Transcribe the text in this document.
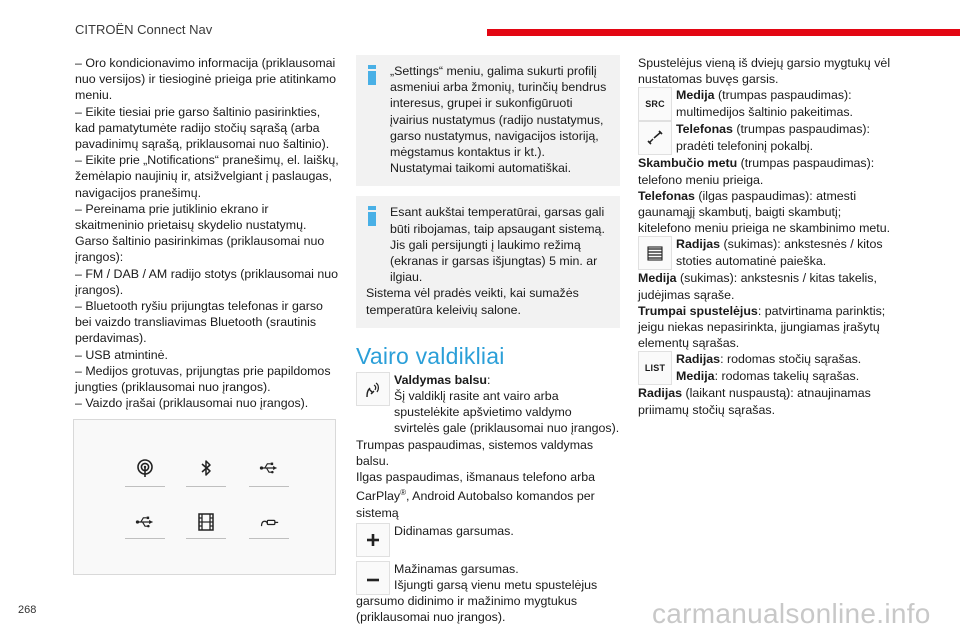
CITROËN Connect Nav
– Oro kondicionavimo informacija (priklausomai nuo versijos) ir tiesioginė prieiga prie atitinkamo meniu.
– Eikite tiesiai prie garso šaltinio pasirinkties, kad pamatytumėte radijo stočių sąrašą (arba pavadinimų sąrašą, priklausomai nuo šaltinio).
– Eikite prie „Notifications“ pranešimų, el. laiškų, žemėlapio naujinių ir, atsižvelgiant į paslaugas, navigacijos pranešimų.
– Pereinama prie jutiklinio ekrano ir skaitmeninio prietaisų skydelio nustatymų.
Garso šaltinio pasirinkimas (priklausomai nuo įrangos):
– FM / DAB / AM radijo stotys (priklausomai nuo įrangos).
– Bluetooth ryšiu prijungtas telefonas ir garso bei vaizdo transliavimas Bluetooth (srautinis perdavimas).
– USB atmintinė.
– Medijos grotuvas, prijungtas prie papildomos jungties (priklausomai nuo įrangos).
– Vaizdo įrašai (priklausomai nuo įrangos).
„Settings“ meniu, galima sukurti profilį asmeniui arba žmonių, turinčių bendrus interesus, grupei ir sukonfigūruoti įvairius nustatymus (radijo nustatymus, garso nustatymus, navigacijos istoriją, mėgstamus kontaktus ir kt.). Nustatymai taikomi automatiškai.
Esant aukštai temperatūrai, garsas gali būti ribojamas, taip apsaugant sistemą. Jis gali persijungti į laukimo režimą (ekranas ir garsas išjungtas) 5 min. ar ilgiau.
Sistema vėl pradės veikti, kai sumažės temperatūra keleivių salone.
Vairo valdikliai
Valdymas balsu:
Šį valdiklį rasite ant vairo arba spustelėkite apšvietimo valdymo svirtelės gale (priklausomai nuo įrangos).
Trumpas paspaudimas, sistemos valdymas balsu.
Ilgas paspaudimas, išmanaus telefono arba CarPlay®, Android Autobalso komandos per sistemą
Didinamas garsumas.
Mažinamas garsumas.
Išjungti garsą vienu metu spustelėjus garsumo didinimo ir mažinimo mygtukus (priklausomai nuo įrangos).
Spustelėjus vieną iš dviejų garsio mygtukų vėl nustatomas buvęs garsis.
SRC
Medija (trumpas paspaudimas): multimedijos šaltinio pakeitimas.
Telefonas (trumpas paspaudimas): pradėti telefoninį pokalbį.
Skambučio metu (trumpas paspaudimas): telefono meniu prieiga.
Telefonas (ilgas paspaudimas): atmesti gaunamąjį skambutį, baigti skambutį; kitelefono meniu prieiga ne skambinimo metu.
Radijas (sukimas): ankstesnės / kitos stoties automatinė paieška.
Medija (sukimas): ankstesnis / kitas takelis, judėjimas sąraše.
Trumpai spustelėjus: patvirtinama parinktis; jeigu niekas nepasirinkta, įjungiamas įrašytų elementų sąrašas.
LIST
Radijas: rodomas stočių sąrašas.
Medija: rodomas takelių sąrašas.
Radijas (laikant nuspaustą): atnaujinamas priimamų stočių sąrašas.
268	carmanualsonline.info
